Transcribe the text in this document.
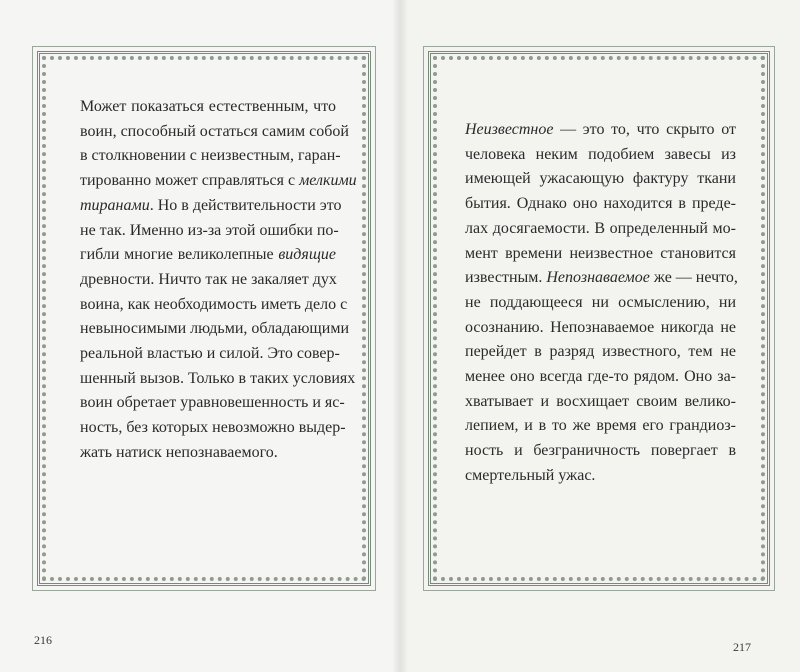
Может показаться естественным, что
воин, способный остаться самим собой
в столкновении с неизвестным, гаран-
тированно может справляться с мелкими
тиранами. Но в действительности это
не так. Именно из-за этой ошибки по-
гибли многие великолепные видящие
древности. Ничто так не закаляет дух
воина, как необходимость иметь дело с
невыносимыми людьми, обладающими
реальной властью и силой. Это совер-
шенный вызов. Только в таких условиях
воин обретает уравновешенность и яс-
ность, без которых невозможно выдер-
жать натиск непознаваемого.
216
Неизвестное — это то, что скрыто от
человека неким подобием завесы из
имеющей ужасающую фактуру ткани
бытия. Однако оно находится в преде-
лах досягаемости. В определенный мо-
мент времени неизвестное становится
известным. Непознаваемое же — нечто,
не поддающееся ни осмыслению, ни
осознанию. Непознаваемое никогда не
перейдет в разряд известного, тем не
менее оно всегда где-то рядом. Оно за-
хватывает и восхищает своим велико-
лепием, и в то же время его грандиоз-
ность и безграничность повергает в
смертельный ужас.
217
